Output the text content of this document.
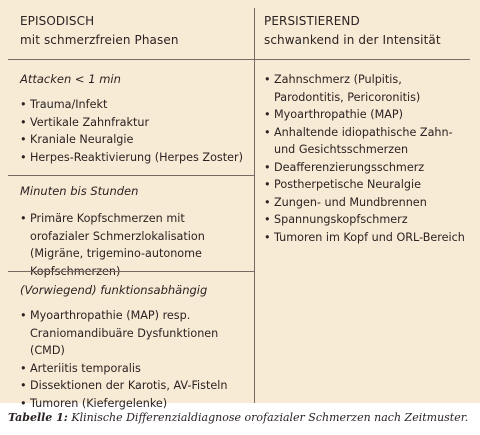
EPISODISCH
mit schmerzfreien Phasen
PERSISTIEREND
schwankend in der Intensität
Attacken < 1 min
• Trauma/Infekt
• Vertikale Zahnfraktur
• Kraniale Neuralgie
• Herpes-Reaktivierung (Herpes Zoster)
Minuten bis Stunden
• Primäre Kopfschmerzen mit orofazialer Schmerzlokalisation (Migräne, trigemino-autonome Kopfschmerzen)
(Vorwiegend) funktionsabhängig
• Myoarthropathie (MAP) resp. Craniomandibuäre Dysfunktionen (CMD)
• Arteriitis temporalis
• Dissektionen der Karotis, AV-Fisteln
• Tumoren (Kiefergelenke)
• Zahnschmerz (Pulpitis, Parodontitis, Pericoronitis)
• Myoarthropathie (MAP)
• Anhaltende idiopathische Zahn- und Gesichtsschmerzen
• Deafferenzierungsschmerz
• Postherpetische Neuralgie
• Zungen- und Mundbrennen
• Spannungskopfschmerz
• Tumoren im Kopf und ORL-Bereich
Tabelle 1: Klinische Differenzialdiagnose orofazialer Schmerzen nach Zeitmuster.
